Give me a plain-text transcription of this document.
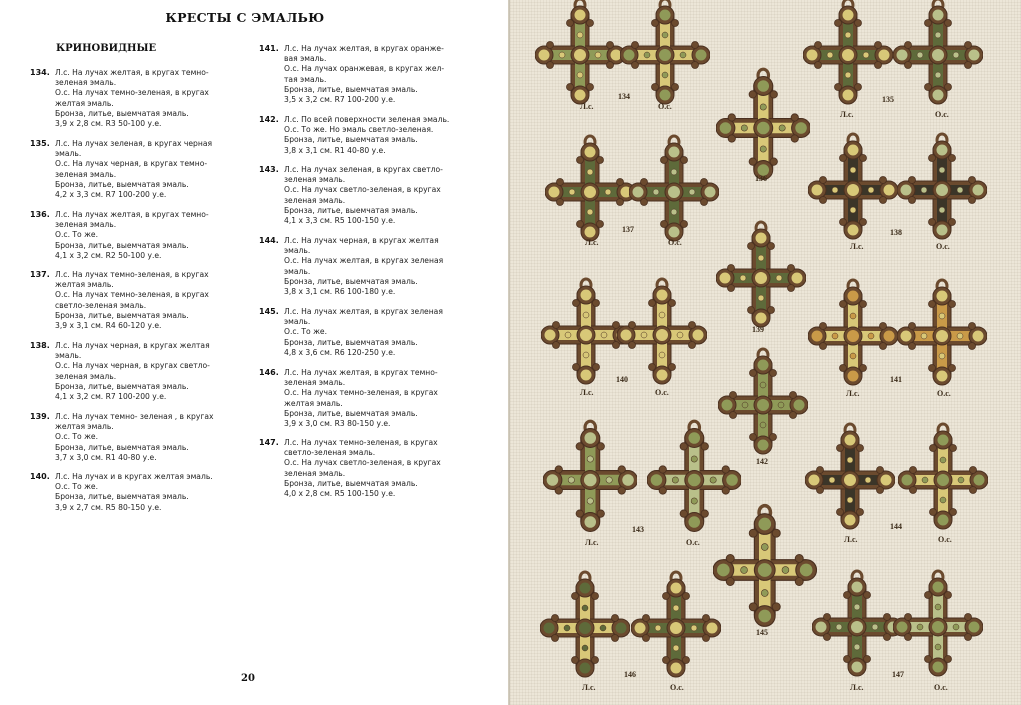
КРЕСТЫ С ЭМАЛЬЮ
КРИНОВИДНЫЕ
134. Л.с. На лучах желтая, в кругах темно-
зеленая эмаль.
О.с. На лучах темно-зеленая, в кругах
желтая эмаль.
Бронза, литье, выемчатая эмаль.
3,9 х 2,8 см. R3 50-100 у.е.
135. Л.с. На лучах зеленая, в кругах черная
эмаль.
О.с. На лучах черная, в кругах темно-
зеленая эмаль.
Бронза, литье, выемчатая эмаль.
4,2 х 3,3 см. R7 100-200 у.е.
136. Л.с. На лучах желтая, в кругах темно-
зеленая эмаль.
О.с. То же.
Бронза, литье, выемчатая эмаль.
4,1 х 3,2 см. R2 50-100 у.е.
137. Л.с. На лучах темно-зеленая, в кругах
желтая эмаль.
О.с. На лучах темно-зеленая, в кругах
светло-зеленая эмаль.
Бронза, литье, выемчатая эмаль.
3,9 х 3,1 см. R4 60-120 у.е.
138. Л.с. На лучах черная, в кругах желтая
эмаль.
О.с. На лучах черная, в кругах светло-
зеленая эмаль.
Бронза, литье, выемчатая эмаль.
4,1 х 3,2 см. R7 100-200 у.е.
139. Л.с. На лучах темно- зеленая , в кругах
желтая эмаль.
О.с. То же.
Бронза, литье, выемчатая эмаль.
3,7 х 3,0 см. R1 40-80 у.е.
140. Л.с. На лучах и в кругах желтая эмаль.
О.с. То же.
Бронза, литье, выемчатая эмаль.
3,9 х 2,7 см. R5 80-150 у.е.
141. Л.с. На лучах желтая, в кругах оранже-
вая эмаль.
О.с. На лучах оранжевая, в кругах жел-
тая эмаль.
Бронза, литье, выемчатая эмаль.
3,5 х 3,2 см. R7 100-200 у.е.
142. Л.с. По всей поверхности зеленая эмаль.
О.с. То же. Но эмаль светло-зеленая.
Бронза, литье, выемчатая эмаль.
3,8 х 3,1 см. R1 40-80 у.е.
143. Л.с. На лучах зеленая, в кругах светло-
зеленая эмаль.
О.с. На лучах светло-зеленая, в кругах
зеленая эмаль.
Бронза, литье, выемчатая эмаль.
4,1 х 3,3 см. R5 100-150 у.е.
144. Л.с. На лучах черная, в кругах желтая
эмаль.
О.с. На лучах желтая, в кругах зеленая
эмаль.
Бронза, литье, выемчатая эмаль.
3,8 х 3,1 см. R6 100-180 у.е.
145. Л.с. На лучах желтая, в кругах зеленая
эмаль.
О.с. То же.
Бронза, литье, выемчатая эмаль.
4,8 х 3,6 см. R6 120-250 у.е.
146. Л.с. На лучах желтая, в кругах темно-
зеленая эмаль.
О.с. На лучах темно-зеленая, в кругах
желтая эмаль.
Бронза, литье, выемчатая эмаль.
3,9 х 3,0 см. R3 80-150 у.е.
147. Л.с. На лучах темно-зеленая, в кругах
светло-зеленая эмаль.
О.с. На лучах светло-зеленая, в кругах
зеленая эмаль.
Бронза, литье, выемчатая эмаль.
4,0 х 2,8 см. R5 100-150 у.е.
20
Л.с.
134
О.с.
135
Л.с.	О.с.
136
Л.с.
137
О.с.
138
Л.с.	О.с.
139
140
Л.с.	О.с.
141
Л.с.	О.с.
142
143
Л.с.	О.с.
144
Л.с.	О.с.
145
146
Л.с.	О.с.
147
Л.с.	О.с.
